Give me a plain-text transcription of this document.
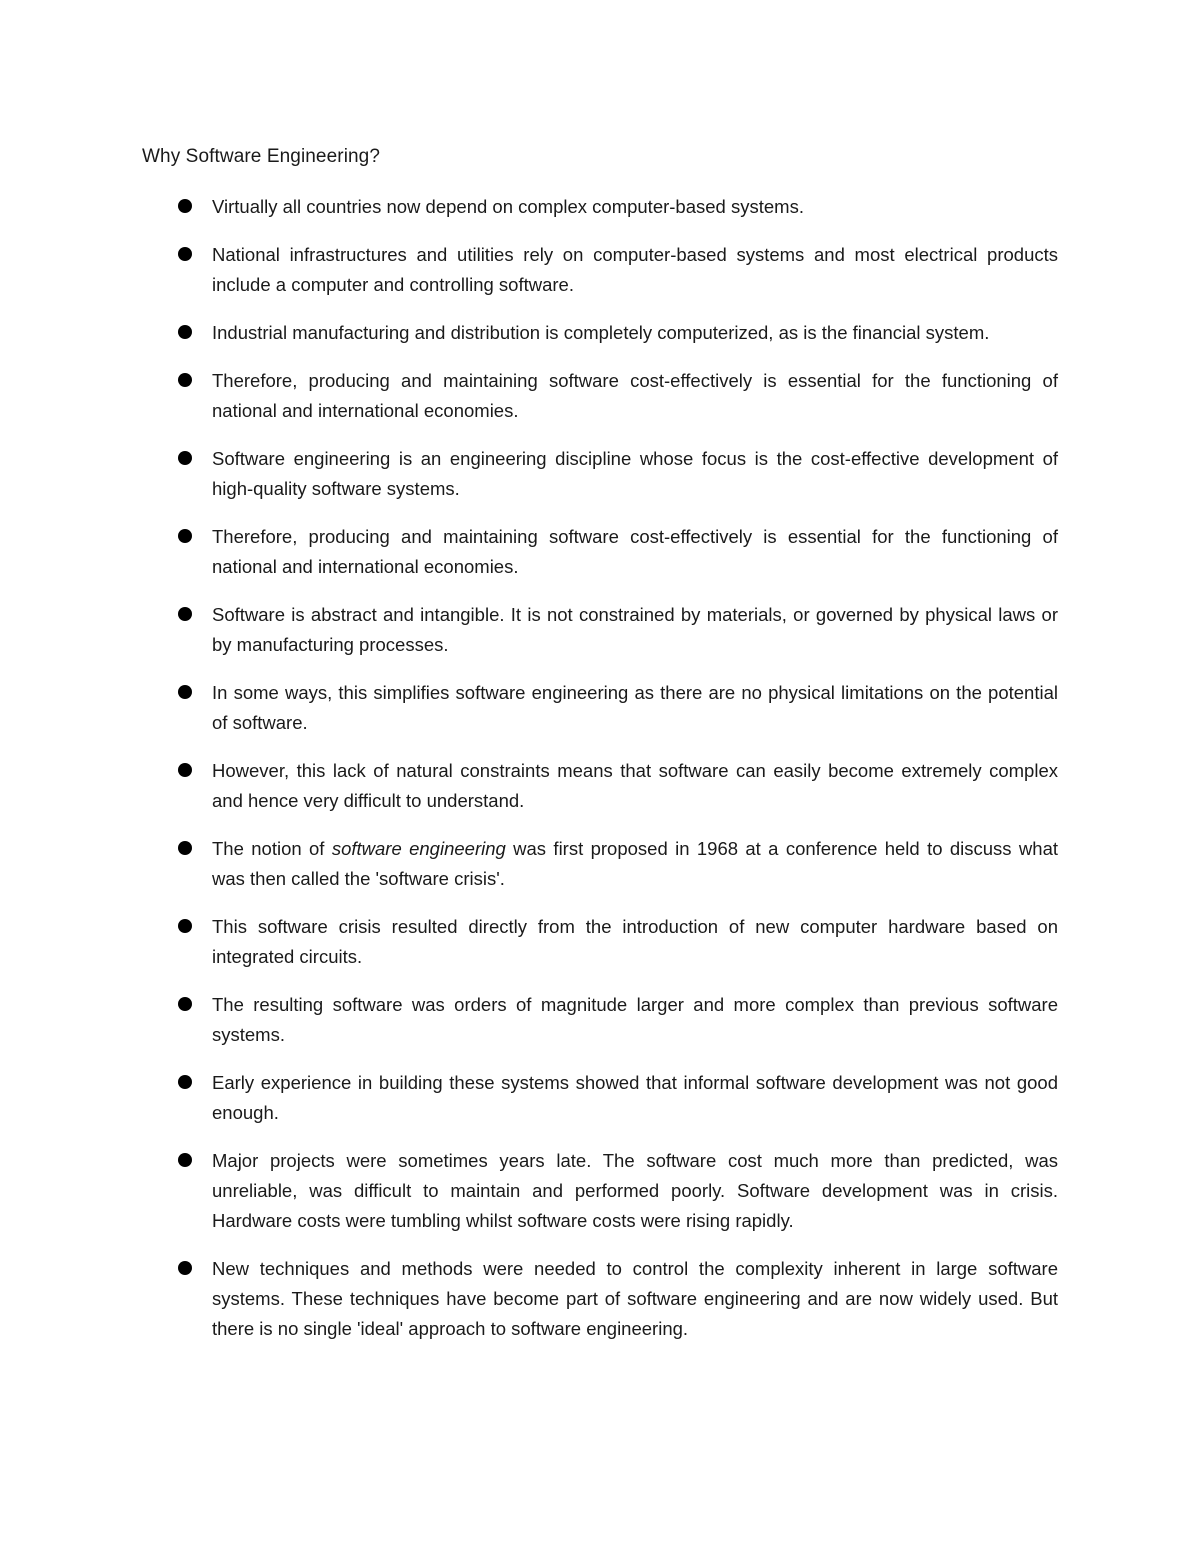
Why Software Engineering?
Virtually all countries now depend on complex computer-based systems.
National infrastructures and utilities rely on computer-based systems and most electrical products include a computer and controlling software.
Industrial manufacturing and distribution is completely computerized, as is the financial system.
Therefore, producing and maintaining software cost-effectively is essential for the functioning of national and international economies.
Software engineering is an engineering discipline whose focus is the cost-effective development of high-quality software systems.
Therefore, producing and maintaining software cost-effectively is essential for the functioning of national and international economies.
Software is abstract and intangible. It is not constrained by materials, or governed by physical laws or by manufacturing processes.
In some ways, this simplifies software engineering as there are no physical limitations on the potential of software.
However, this lack of natural constraints means that software can easily become extremely complex and hence very difficult to understand.
The notion of software engineering was first proposed in 1968 at a conference held to discuss what was then called the 'software crisis'.
This software crisis resulted directly from the introduction of new computer hardware based on integrated circuits.
The resulting software was orders of magnitude larger and more complex than previous software systems.
Early experience in building these systems showed that informal software development was not good enough.
Major projects were sometimes years late. The software cost much more than predicted, was unreliable, was difficult to maintain and performed poorly. Software development was in crisis. Hardware costs were tumbling whilst software costs were rising rapidly.
New techniques and methods were needed to control the complexity inherent in large software systems. These techniques have become part of software engineering and are now widely used. But there is no single 'ideal' approach to software engineering.
